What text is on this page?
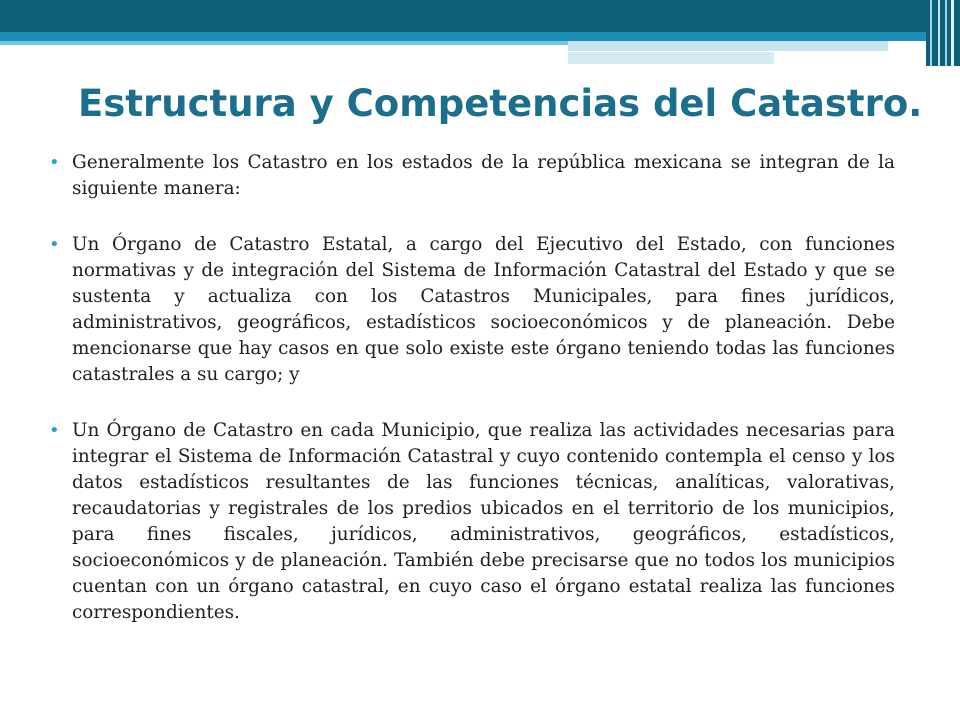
Estructura y Competencias del Catastro.
• Generalmente los Catastro en los estados de la república mexicana se integran de la siguiente manera:
• Un Órgano de Catastro Estatal, a cargo del Ejecutivo del Estado, con funciones normativas y de integración del Sistema de Información Catastral del Estado y que se sustenta y actualiza con los Catastros Municipales, para fines jurídicos, administrativos, geográficos, estadísticos socioeconómicos y de planeación. Debe mencionarse que hay casos en que solo existe este órgano teniendo todas las funciones catastrales a su cargo; y
• Un Órgano de Catastro en cada Municipio, que realiza las actividades necesarias para integrar el Sistema de Información Catastral y cuyo contenido contempla el censo y los datos estadísticos resultantes de las funciones técnicas, analíticas, valorativas, recaudatorias y registrales de los predios ubicados en el territorio de los municipios, para fines fiscales, jurídicos, administrativos, geográficos, estadísticos, socioeconómicos y de planeación. También debe precisarse que no todos los municipios cuentan con un órgano catastral, en cuyo caso el órgano estatal realiza las funciones correspondientes.
